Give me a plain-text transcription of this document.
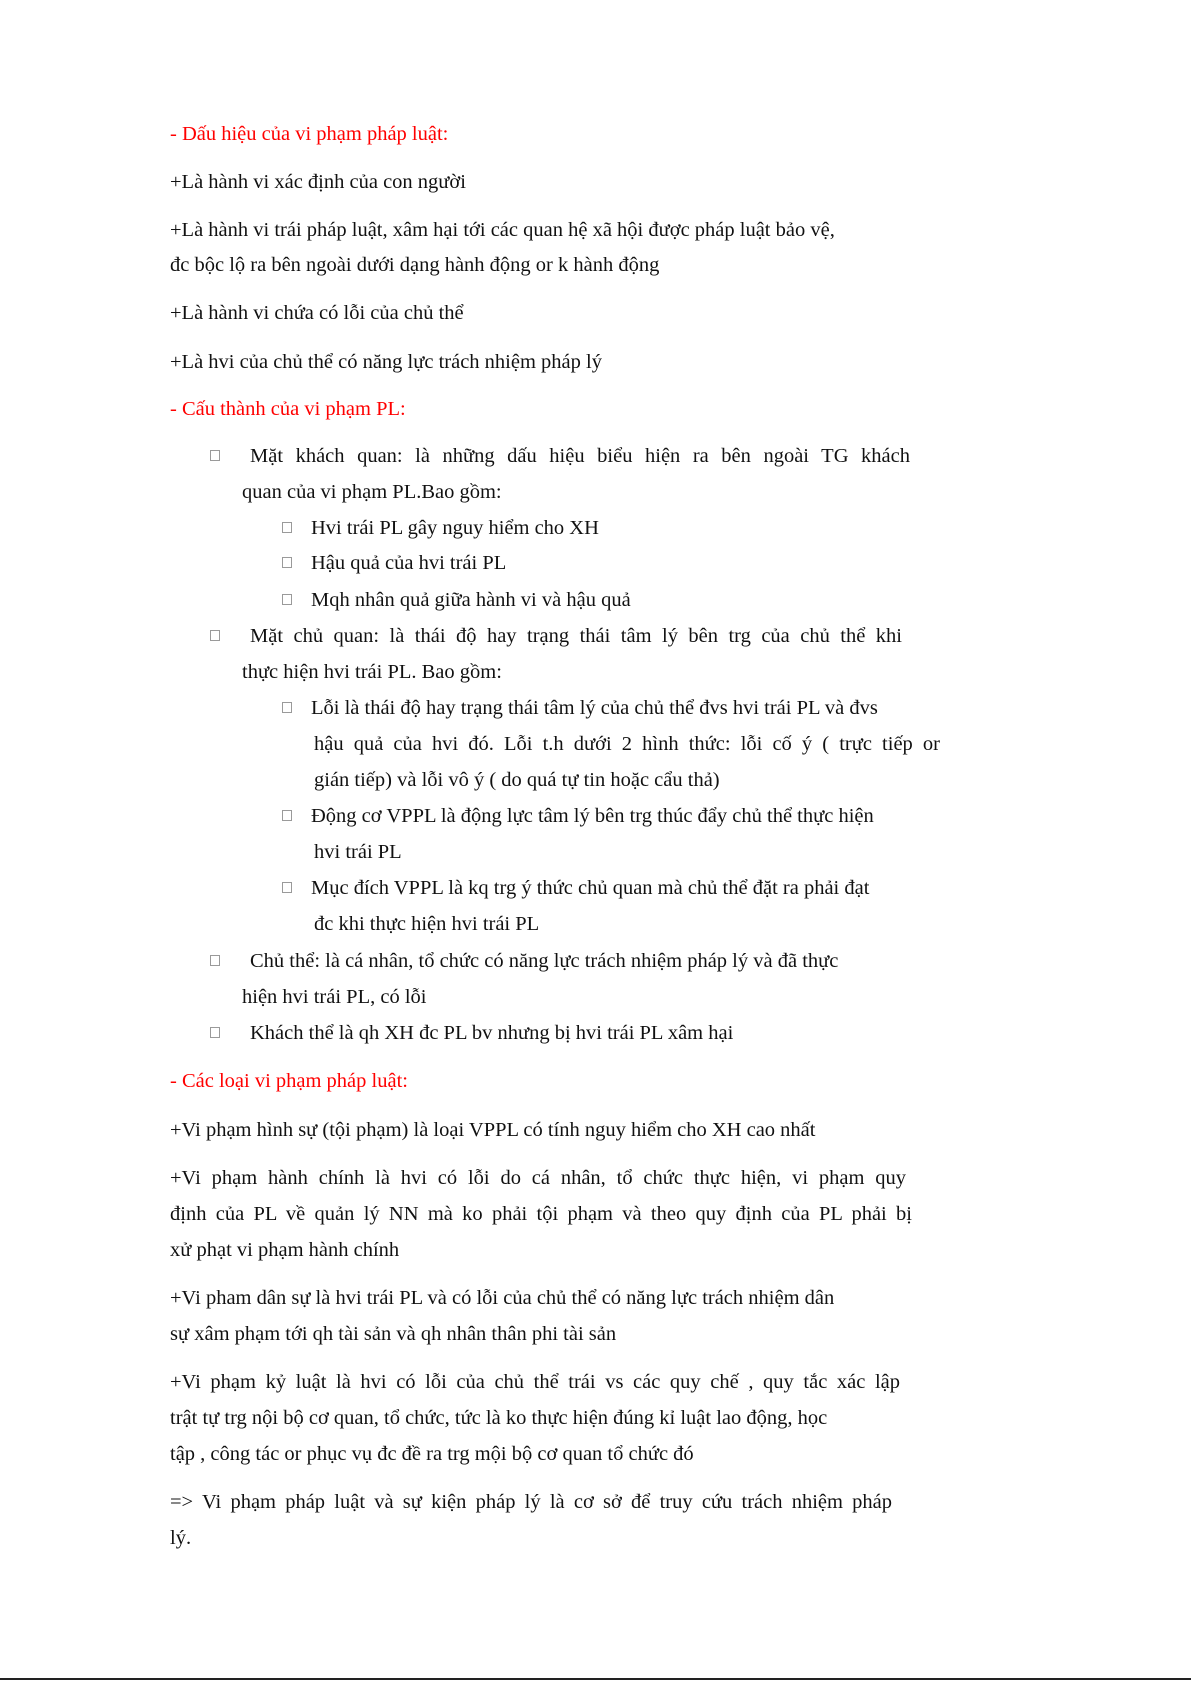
- Dấu hiệu của vi phạm pháp luật:
+Là hành vi xác định của con người
+Là hành vi trái pháp luật, xâm hại tới các quan hệ xã hội được pháp luật bảo vệ,
đc bộc lộ ra bên ngoài dưới dạng hành động or k hành động
+Là hành vi chứa có lỗi của chủ thể
+Là hvi của chủ thể có năng lực trách nhiệm pháp lý
- Cấu thành của vi phạm PL:
Mặt khách quan: là những dấu hiệu biểu hiện ra bên ngoài TG khách
quan của vi phạm PL.Bao gồm:
Hvi trái PL gây nguy hiểm cho XH
Hậu quả của hvi trái PL
Mqh nhân quả giữa hành vi và hậu quả
Mặt chủ quan: là thái độ hay trạng thái tâm lý bên trg của chủ thể khi
thực hiện hvi trái PL. Bao gồm:
Lỗi là thái độ hay trạng thái tâm lý của chủ thể đvs hvi trái PL và đvs
hậu quả của hvi đó. Lỗi t.h dưới 2 hình thức: lỗi cố ý ( trực tiếp or
gián tiếp) và lỗi vô ý ( do quá tự tin hoặc cẩu thả)
Động cơ VPPL là động lực tâm lý bên trg thúc đẩy chủ thể thực hiện
hvi trái PL
Mục đích VPPL là kq trg ý thức chủ quan mà chủ thể đặt ra phải đạt
đc khi thực hiện hvi trái PL
Chủ thể: là cá nhân, tổ chức có năng lực trách nhiệm pháp lý và đã thực
hiện hvi trái PL, có lỗi
Khách thể là qh XH đc PL bv nhưng bị hvi trái PL xâm hại
- Các loại vi phạm pháp luật:
+Vi phạm hình sự (tội phạm) là loại VPPL có tính nguy hiểm cho XH cao nhất
+Vi phạm hành chính là hvi có lỗi do cá nhân, tổ chức thực hiện, vi phạm quy
định của PL về quản lý NN mà ko phải tội phạm và theo quy định của PL phải bị
xử phạt vi phạm hành chính
+Vi pham dân sự là hvi trái PL và có lỗi của chủ thể có năng lực trách nhiệm dân
sự xâm phạm tới qh tài sản và qh nhân thân phi tài sản
+Vi phạm kỷ luật là hvi có lỗi của chủ thể trái vs các quy chế , quy tắc xác lập
trật tự trg nội bộ cơ quan, tổ chức, tức là ko thực hiện đúng kỉ luật lao động, học
tập , công tác or phục vụ đc đề ra trg mội bộ cơ quan tổ chức đó
=> Vi phạm pháp luật và sự kiện pháp lý là cơ sở để truy cứu trách nhiệm pháp
lý.
